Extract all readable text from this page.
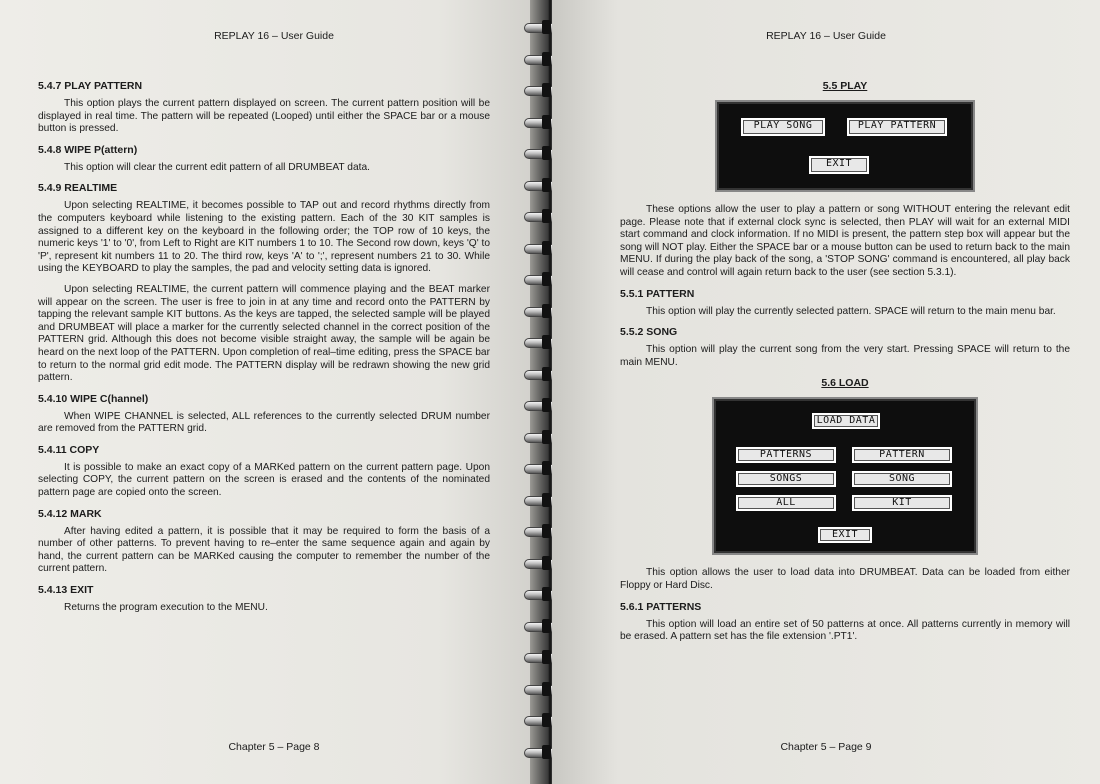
REPLAY 16 – User Guide
5.4.7 PLAY PATTERN

This option plays the current pattern displayed on screen. The current pattern position will be displayed in real time. The pattern will be repeated (Looped) until either the SPACE bar or a mouse button is pressed.

5.4.8 WIPE P(attern)

This option will clear the current edit pattern of all DRUMBEAT data.

5.4.9 REALTIME

Upon selecting REALTIME, it becomes possible to TAP out and record rhythms directly from the computers keyboard while listening to the existing pattern. Each of the 30 KIT samples is assigned to a different key on the keyboard in the following order; the TOP row of 10 keys, the numeric keys '1' to '0', from Left to Right are KIT numbers 1 to 10. The Second row down, keys 'Q' to 'P', represent kit numbers 11 to 20. The third row, keys 'A' to ';', represent numbers 21 to 30. While using the KEYBOARD to play the samples, the pad and velocity setting data is ignored.

Upon selecting REALTIME, the current pattern will commence playing and the BEAT marker will appear on the screen. The user is free to join in at any time and record onto the PATTERN by tapping the relevant sample KIT buttons. As the keys are tapped, the selected sample will be played and DRUMBEAT will place a marker for the currently selected channel in the correct position of the PATTERN grid. Although this does not become visible straight away, the sample will be again be heard on the next loop of the PATTERN. Upon completion of real–time editing, press the SPACE bar to return to the normal grid edit mode. The PATTERN display will be redrawn showing the new grid pattern.

5.4.10 WIPE C(hannel)

When WIPE CHANNEL is selected, ALL references to the currently selected DRUM number are removed from the PATTERN grid.

5.4.11 COPY

It is possible to make an exact copy of a MARKed pattern on the current pattern page. Upon selecting COPY, the current pattern on the screen is erased and the contents of the nominated pattern page are copied onto the screen.

5.4.12 MARK

After having edited a pattern, it is possible that it may be required to form the basis of a number of other patterns. To prevent having to re–enter the same sequence again and again by hand, the current pattern can be MARKed causing the computer to remember the number of the current pattern.

5.4.13 EXIT

Returns the program execution to the MENU.

Chapter 5 – Page 8
REPLAY 16 – User Guide
5.5 PLAY
PLAY SONG	PLAY PATTERN
EXIT

These options allow the user to play a pattern or song WITHOUT entering the relevant edit page. Please note that if external clock sync is selected, then PLAY will wait for an external MIDI start command and clock information. If no MIDI is present, the pattern step box will appear but the song will NOT play. Either the SPACE bar or a mouse button can be used to return back to the main MENU. If during the play back of the song, a 'STOP SONG' command is encountered, all play back will cease and control will again return back to the user (see section 5.3.1).

5.5.1 PATTERN

This option will play the currently selected pattern. SPACE will return to the main menu bar.

5.5.2 SONG

This option will play the current song from the very start. Pressing SPACE will return to the main MENU.

5.6 LOAD
LOAD DATA
PATTERNS	PATTERN
SONGS	SONG
ALL	KIT
EXIT

This option allows the user to load data into DRUMBEAT. Data can be loaded from either Floppy or Hard Disc.

5.6.1 PATTERNS

This option will load an entire set of 50 patterns at once. All patterns currently in memory will be erased. A pattern set has the file extension '.PT1'.

Chapter 5 – Page 9
